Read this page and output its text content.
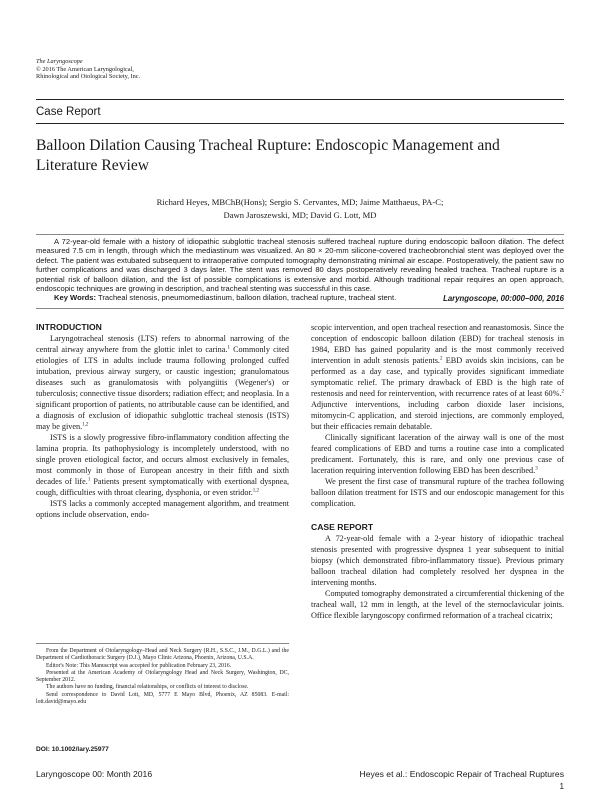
The Laryngoscope
© 2016 The American Laryngological,
Rhinological and Otological Society, Inc.
Case Report
Balloon Dilation Causing Tracheal Rupture: Endoscopic Management and Literature Review
Richard Heyes, MBChB(Hons); Sergio S. Cervantes, MD; Jaime Matthaeus, PA-C;
Dawn Jaroszewski, MD; David G. Lott, MD

A 72-year-old female with a history of idiopathic subglottic tracheal stenosis suffered tracheal rupture during endoscopic balloon dilation. The defect measured 7.5 cm in length, through which the mediastinum was visualized. An 80 × 20-mm silicone-covered tracheobronchial stent was deployed over the defect. The patient was extubated subsequent to intraoperative computed tomography demonstrating minimal air escape. Postoperatively, the patient saw no further complications and was discharged 3 days later. The stent was removed 80 days postoperatively revealing healed trachea. Tracheal rupture is a potential risk of balloon dilation, and the list of possible complications is extensive and morbid. Although traditional repair requires an open approach, endoscopic techniques are growing in description, and tracheal stenting was successful in this case.

Key Words: Tracheal stenosis, pneumomediastinum, balloon dilation, tracheal rupture, tracheal stent.	Laryngoscope, 00:000–000, 2016
INTRODUCTION

Laryngotracheal stenosis (LTS) refers to abnormal narrowing of the central airway anywhere from the glottic inlet to carina.$^1$ Commonly cited etiologies of LTS in adults include trauma following prolonged cuffed intubation, previous airway surgery, or caustic ingestion; granulomatous diseases such as granulomatosis with polyangiitis (Wegener's) or tuberculosis; connective tissue disorders; radiation effect; and neoplasia. In a significant proportion of patients, no attributable cause can be identified, and a diagnosis of exclusion of idiopathic subglottic tracheal stenosis (ISTS) may be given.$^{1,2}$

ISTS is a slowly progressive fibro-inflammatory condition affecting the lamina propria. Its pathophysiology is incompletely understood, with no single proven etiological factor, and occurs almost exclusively in females, most commonly in those of European ancestry in their fifth and sixth decades of life.$^1$ Patients present symptomatically with exertional dyspnea, cough, difficulties with throat clearing, dysphonia, or even stridor.$^{1,2}$

ISTS lacks a commonly accepted management algorithm, and treatment options include observation, endo-

From the Department of Otolaryngology–Head and Neck Surgery (R.H., S.S.C., J.M., D.G.L.) and the Department of Cardiothoracic Surgery (D.J.), Mayo Clinic Arizona, Phoenix, Arizona, U.S.A.

Editor's Note: This Manuscript was accepted for publication February 23, 2016.

Presented at the American Academy of Otolaryngology Head and Neck Surgery, Washington, DC, September 2012.

The authors have no funding, financial relationships, or conflicts of interest to disclose.

Send correspondence to David Lott, MD, 5777 E Mayo Blvd, Phoenix, AZ 85083. E-mail: lott.david@mayo.edu

DOI: 10.1002/lary.25977

scopic intervention, and open tracheal resection and reanastomosis. Since the conception of endoscopic balloon dilation (EBD) for tracheal stenosis in 1984, EBD has gained popularity and is the most commonly received intervention in adult stenosis patients.$^2$ EBD avoids skin incisions, can be performed as a day case, and typically provides significant immediate symptomatic relief. The primary drawback of EBD is the high rate of restenosis and need for reintervention, with recurrence rates of at least 60%.$^2$ Adjunctive interventions, including carbon dioxide laser incisions, mitomycin-C application, and steroid injections, are commonly employed, but their efficacies remain debatable.

Clinically significant laceration of the airway wall is one of the most feared complications of EBD and turns a routine case into a complicated predicament. Fortunately, this is rare, and only one previous case of laceration requiring intervention following EBD has been described.$^3$

We present the first case of transmural rupture of the trachea following balloon dilation treatment for ISTS and our endoscopic management for this complication.

CASE REPORT

A 72-year-old female with a 2-year history of idiopathic tracheal stenosis presented with progressive dyspnea 1 year subsequent to initial biopsy (which demonstrated fibro-inflammatory tissue). Previous primary balloon tracheal dilation had completely resolved her dyspnea in the intervening months.

Computed tomography demonstrated a circumferential thickening of the tracheal wall, 12 mm in length, at the level of the sternoclavicular joints. Office flexible laryngoscopy confirmed reformation of a tracheal cicatrix;

Laryngoscope 00: Month 2016	Heyes et al.: Endoscopic Repair of Tracheal Ruptures
1
